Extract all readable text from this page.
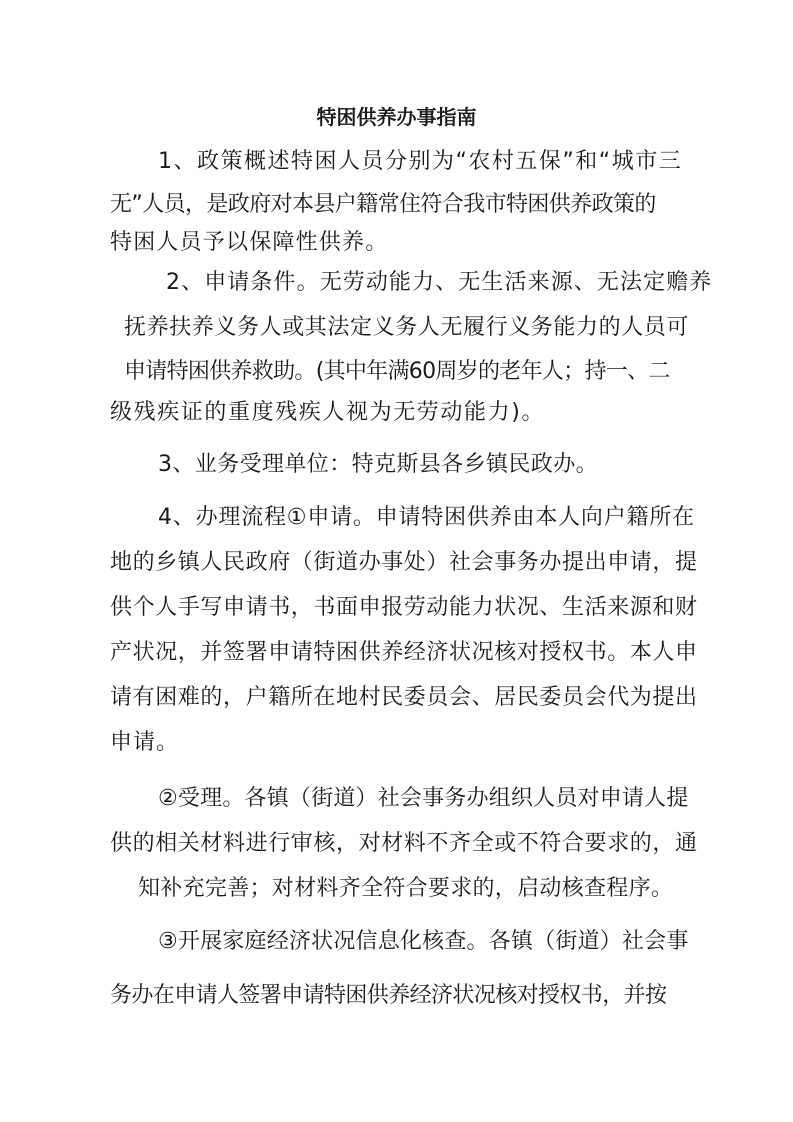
特困供养办事指南
1、政策概述特困人员分别为“农村五保”和“城市三
无”人员，是政府对本县户籍常住符合我市特困供养政策的
特困人员予以保障性供养。
2、申请条件。无劳动能力、无生活来源、无法定赡养
抚养扶养义务人或其法定义务人无履行义务能力的人员可
申请特困供养救助。(其中年满60周岁的老年人；持一、二
级残疾证的重度残疾人视为无劳动能力)。
3、业务受理单位：特克斯县各乡镇民政办。
4、办理流程①申请。申请特困供养由本人向户籍所在
地的乡镇人民政府（街道办事处）社会事务办提出申请，提
供个人手写申请书，书面申报劳动能力状况、生活来源和财
产状况，并签署申请特困供养经济状况核对授权书。本人申
请有困难的，户籍所在地村民委员会、居民委员会代为提出
申请。
②受理。各镇（街道）社会事务办组织人员对申请人提
供的相关材料进行审核，对材料不齐全或不符合要求的，通
知补充完善；对材料齐全符合要求的，启动核查程序。
③开展家庭经济状况信息化核查。各镇（街道）社会事
务办在申请人签署申请特困供养经济状况核对授权书，并按
